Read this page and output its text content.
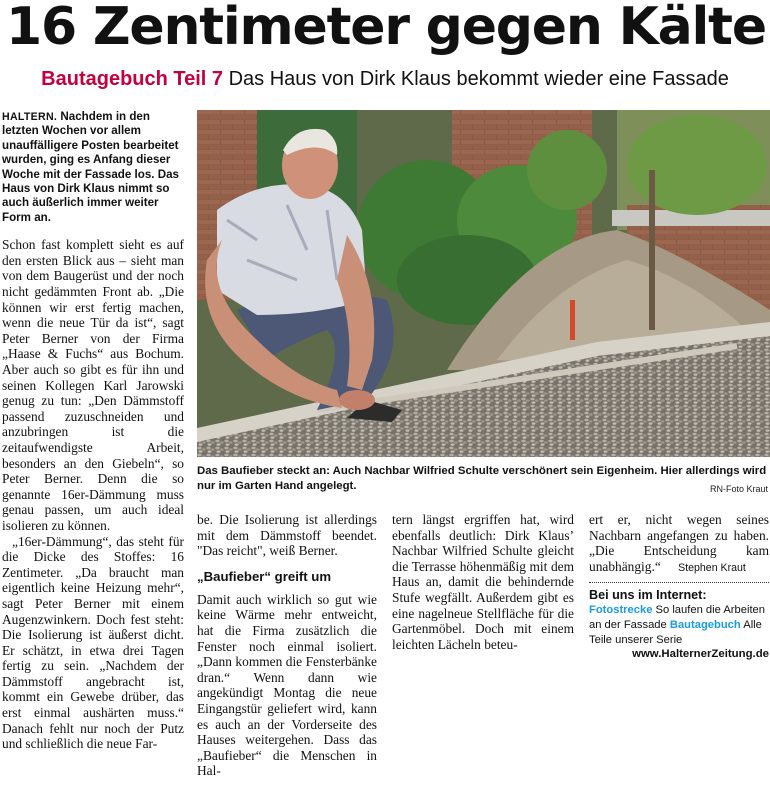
16 Zentimeter gegen Kälte
Bautagebuch Teil 7 Das Haus von Dirk Klaus bekommt wieder eine Fassade

HALTERN. Nachdem in den letzten Wochen vor allem unauffälligere Posten bearbeitet wurden, ging es Anfang dieser Woche mit der Fassade los. Das Haus von Dirk Klaus nimmt so auch äußerlich immer weiter Form an.

Schon fast komplett sieht es auf den ersten Blick aus – sieht man von dem Baugerüst und der noch nicht gedämmten Front ab. „Die können wir erst fertig machen, wenn die neue Tür da ist“, sagt Peter Berner von der Firma „Haase & Fuchs“ aus Bochum. Aber auch so gibt es für ihn und seinen Kollegen Karl Jarowski genug zu tun: „Den Dämmstoff passend zuzuschneiden und anzubringen ist die zeitaufwendigste Arbeit, besonders an den Giebeln“, so Peter Berner. Denn die so genannte 16er-Dämmung muss genau passen, um auch ideal isolieren zu können.

„16er-Dämmung“, das steht für die Dicke des Stoffes: 16 Zentimeter. „Da braucht man eigentlich keine Heizung mehr“, sagt Peter Berner mit einem Augenzwinkern. Doch fest steht: Die Isolierung ist äußerst dicht. Er schätzt, in etwa drei Tagen fertig zu sein. „Nachdem der Dämmstoff angebracht ist, kommt ein Gewebe drüber, das erst einmal aushärten muss.“ Danach fehlt nur noch der Putz und schließlich die neue Far-

Das Baufieber steckt an: Auch Nachbar Wilfried Schulte verschönert sein Eigenheim. Hier allerdings wird nur im Garten Hand angelegt.	RN-Foto Kraut

be. Die Isolierung ist allerdings mit dem Dämmstoff beendet. "Das reicht", weiß Berner.

„Baufieber“ greift um

Damit auch wirklich so gut wie keine Wärme mehr entweicht, hat die Firma zusätzlich die Fenster noch einmal isoliert. „Dann kommen die Fensterbänke dran.“ Wenn dann wie angekündigt Montag die neue Eingangstür geliefert wird, kann es auch an der Vorderseite des Hauses weitergehen. Dass das „Baufieber“ die Menschen in Hal-

tern längst ergriffen hat, wird ebenfalls deutlich: Dirk Klaus’ Nachbar Wilfried Schulte gleicht die Terrasse höhenmäßig mit dem Haus an, damit die behindernde Stufe wegfällt. Außerdem gibt es eine nagelneue Stellfläche für die Gartenmöbel. Doch mit einem leichten Lächeln beteu-

ert er, nicht wegen seines Nachbarn angefangen zu haben. „Die Entscheidung kam unabhängig.“ Stephen Kraut

Bei uns im Internet:
Fotostrecke So laufen die Arbeiten an der Fassade Bautagebuch Alle Teile unserer Serie
www.HalternerZeitung.de
